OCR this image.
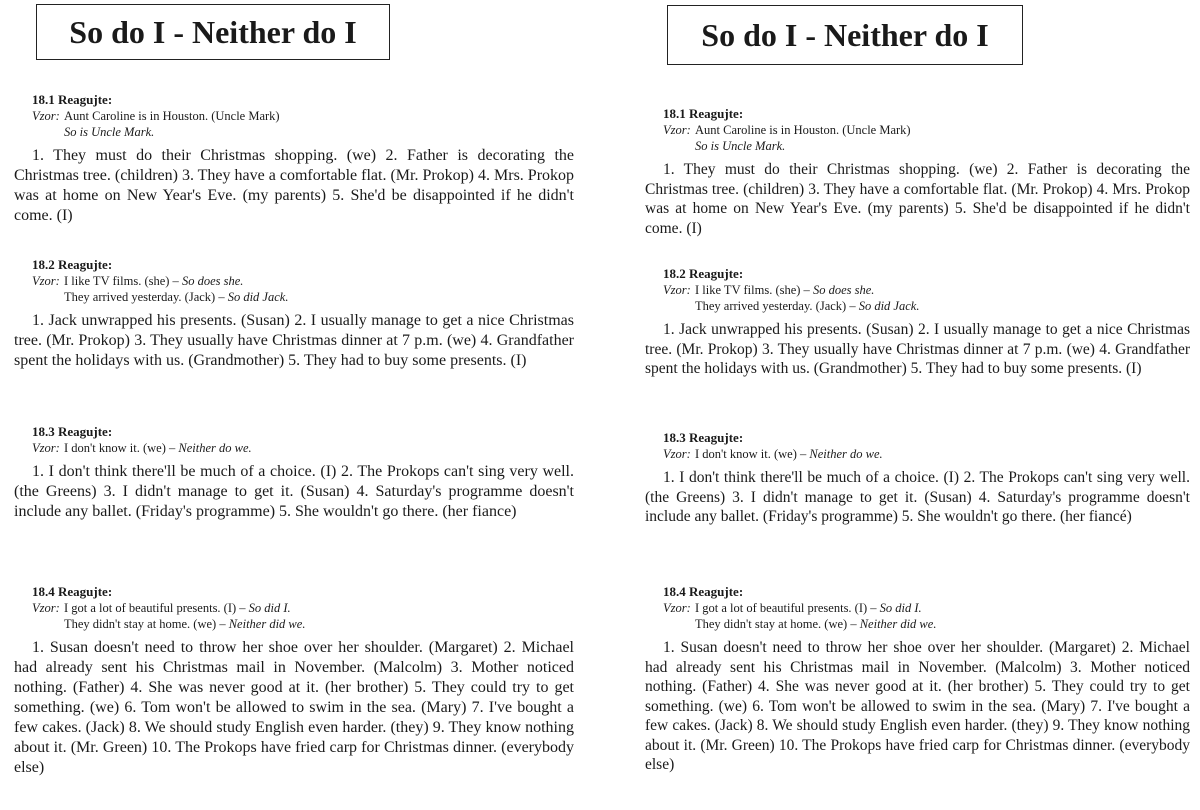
So do I - Neither do I
18.1 Reagujte:
Vzor: Aunt Caroline is in Houston. (Uncle Mark)
So is Uncle Mark.
1. They must do their Christmas shopping. (we) 2. Father is decorating the Christmas tree. (children) 3. They have a comfortable flat. (Mr. Prokop) 4. Mrs. Prokop was at home on New Year's Eve. (my parents) 5. She'd be disappointed if he didn't come. (I)
18.2 Reagujte:
Vzor: I like TV films. (she) – So does she.
They arrived yesterday. (Jack) – So did Jack.
1. Jack unwrapped his presents. (Susan) 2. I usually manage to get a nice Christmas tree. (Mr. Prokop) 3. They usually have Christmas dinner at 7 p.m. (we) 4. Grandfather spent the holidays with us. (Grandmother) 5. They had to buy some presents. (I)
18.3 Reagujte:
Vzor: I don't know it. (we) – Neither do we.
1. I don't think there'll be much of a choice. (I) 2. The Prokops can't sing very well. (the Greens) 3. I didn't manage to get it. (Susan) 4. Saturday's programme doesn't include any ballet. (Friday's programme) 5. She wouldn't go there. (her fiance)
18.4 Reagujte:
Vzor: I got a lot of beautiful presents. (I) – So did I.
They didn't stay at home. (we) – Neither did we.
1. Susan doesn't need to throw her shoe over her shoulder. (Margaret) 2. Michael had already sent his Christmas mail in November. (Malcolm) 3. Mother noticed nothing. (Father) 4. She was never good at it. (her brother) 5. They could try to get something. (we) 6. Tom won't be allowed to swim in the sea. (Mary) 7. I've bought a few cakes. (Jack) 8. We should study English even harder. (they) 9. They know nothing about it. (Mr. Green) 10. The Prokops have fried carp for Christmas dinner. (everybody else)
So do I - Neither do I
18.1 Reagujte:
Vzor: Aunt Caroline is in Houston. (Uncle Mark)
So is Uncle Mark.
1. They must do their Christmas shopping. (we) 2. Father is decorating the Christmas tree. (children) 3. They have a comfortable flat. (Mr. Prokop) 4. Mrs. Prokop was at home on New Year's Eve. (my parents) 5. She'd be disappointed if he didn't come. (I)
18.2 Reagujte:
Vzor: I like TV films. (she) – So does she.
They arrived yesterday. (Jack) – So did Jack.
1. Jack unwrapped his presents. (Susan) 2. I usually manage to get a nice Christmas tree. (Mr. Prokop) 3. They usually have Christmas dinner at 7 p.m. (we) 4. Grandfather spent the holidays with us. (Grandmother) 5. They had to buy some presents. (I)
18.3 Reagujte:
Vzor: I don't know it. (we) – Neither do we.
1. I don't think there'll be much of a choice. (I) 2. The Prokops can't sing very well. (the Greens) 3. I didn't manage to get it. (Susan) 4. Saturday's programme doesn't include any ballet. (Friday's programme) 5. She wouldn't go there. (her fiancé)
18.4 Reagujte:
Vzor: I got a lot of beautiful presents. (I) – So did I.
They didn't stay at home. (we) – Neither did we.
1. Susan doesn't need to throw her shoe over her shoulder. (Margaret) 2. Michael had already sent his Christmas mail in November. (Malcolm) 3. Mother noticed nothing. (Father) 4. She was never good at it. (her brother) 5. They could try to get something. (we) 6. Tom won't be allowed to swim in the sea. (Mary) 7. I've bought a few cakes. (Jack) 8. We should study English even harder. (they) 9. They know nothing about it. (Mr. Green) 10. The Prokops have fried carp for Christmas dinner. (everybody else)
